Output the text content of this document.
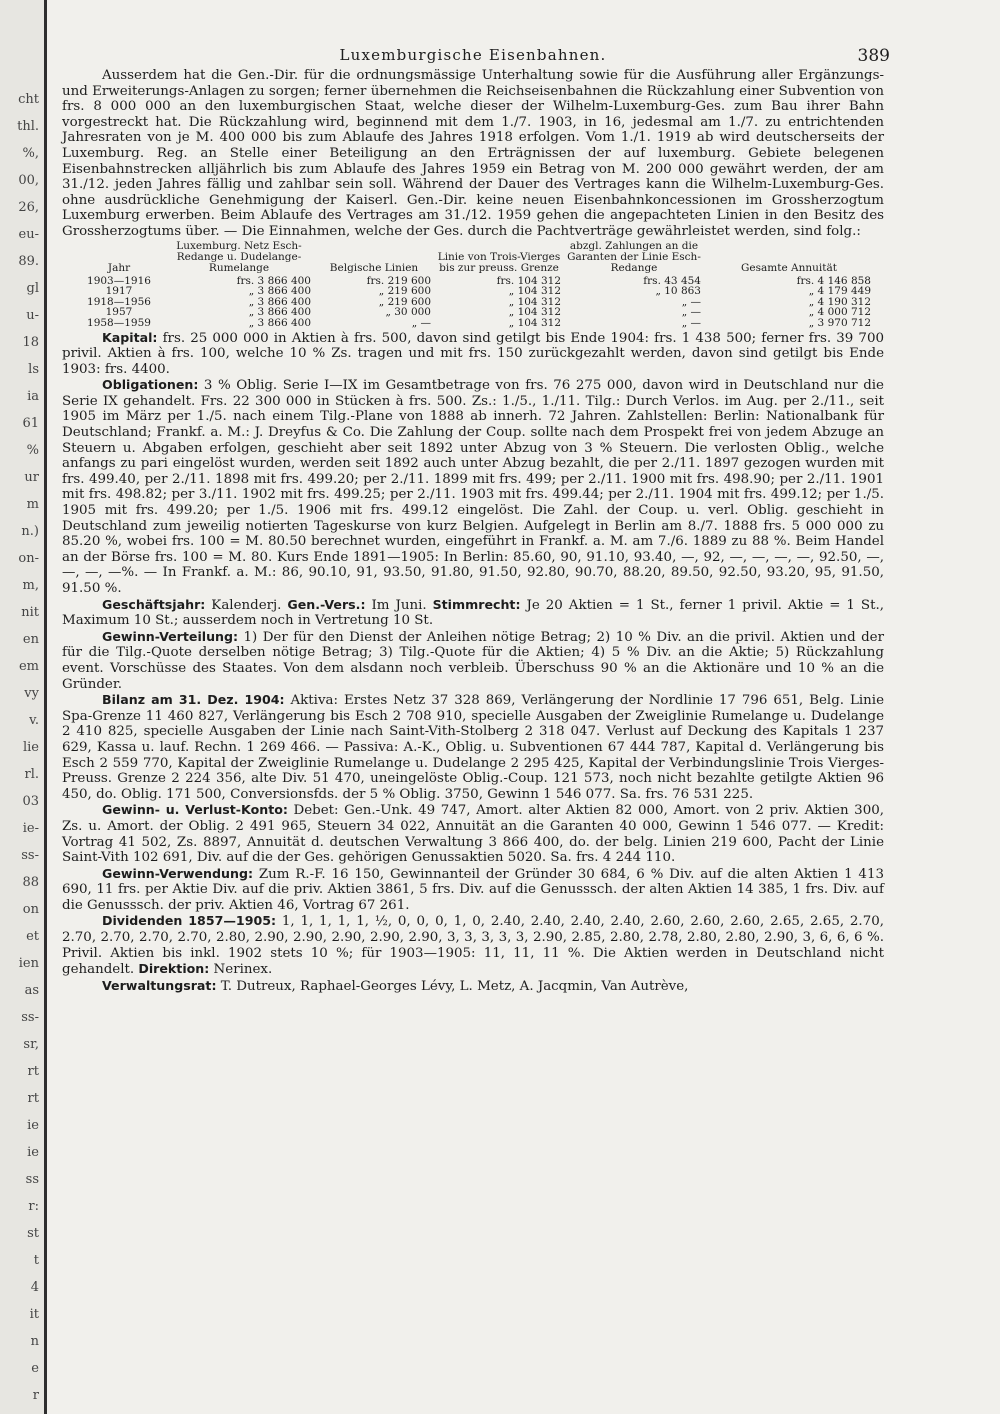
cht
thl.
%,
00,
26,
eu-
89.
gl
u-
18
ls
ia
61
%
ur
m
n.)
on-
m,
nit
en
em
vy
v.
lie
rl.
03
ie-
ss-
88
on
et
ien
as
ss-
sr,
rt
rt
ie
ie
ss
r:
st
t
4
it
n
e
r
Luxemburgische Eisenbahnen.	389

Ausserdem hat die Gen.-Dir. für die ordnungsmässige Unterhaltung sowie für die Ausführung aller Ergänzungs- und Erweiterungs-Anlagen zu sorgen; ferner übernehmen die Reichseisenbahnen die Rückzahlung einer Subvention von frs. 8 000 000 an den luxemburgischen Staat, welche dieser der Wilhelm-Luxemburg-Ges. zum Bau ihrer Bahn vorgestreckt hat. Die Rückzahlung wird, beginnend mit dem 1./7. 1903, in 16, jedesmal am 1./7. zu entrichtenden Jahresraten von je M. 400 000 bis zum Ablaufe des Jahres 1918 erfolgen. Vom 1./1. 1919 ab wird deutscherseits der Luxemburg. Reg. an Stelle einer Beteiligung an den Erträgnissen der auf luxemburg. Gebiete belegenen Eisenbahnstrecken alljährlich bis zum Ablaufe des Jahres 1959 ein Betrag von M. 200 000 gewährt werden, der am 31./12. jeden Jahres fällig und zahlbar sein soll. Während der Dauer des Vertrages kann die Wilhelm-Luxemburg-Ges. ohne ausdrückliche Genehmigung der Kaiserl. Gen.-Dir. keine neuen Eisenbahnkoncessionen im Grossherzogtum Luxemburg erwerben. Beim Ablaufe des Vertrages am 31./12. 1959 gehen die angepachteten Linien in den Besitz des Grossherzogtums über. — Die Einnahmen, welche der Ges. durch die Pachtverträge gewährleistet werden, sind folg.:

Jahr	Luxemburg. Netz Esch-Redange u. Dudelange-Rumelange	Belgische Linien	Linie von Trois-Vierges bis zur preuss. Grenze	abzgl. Zahlungen an die Garanten der Linie Esch-Redange	Gesamte Annuität
1903—1916	frs. 3 866 400	frs. 219 600	frs. 104 312	frs. 43 454	frs. 4 146 858
1917	„ 3 866 400	„ 219 600	„ 104 312	„ 10 863	„ 4 179 449
1918—1956	„ 3 866 400	„ 219 600	„ 104 312	„ —	„ 4 190 312
1957	„ 3 866 400	„ 30 000	„ 104 312	„ —	„ 4 000 712
1958—1959	„ 3 866 400	„ —	„ 104 312	„ —	„ 3 970 712

Kapital: frs. 25 000 000 in Aktien à frs. 500, davon sind getilgt bis Ende 1904: frs. 1 438 500; ferner frs. 39 700 privil. Aktien à frs. 100, welche 10 % Zs. tragen und mit frs. 150 zurückgezahlt werden, davon sind getilgt bis Ende 1903: frs. 4400.

Obligationen: 3 % Oblig. Serie I—IX im Gesamtbetrage von frs. 76 275 000, davon wird in Deutschland nur die Serie IX gehandelt. Frs. 22 300 000 in Stücken à frs. 500. Zs.: 1./5., 1./11. Tilg.: Durch Verlos. im Aug. per 2./11., seit 1905 im März per 1./5. nach einem Tilg.-Plane von 1888 ab innerh. 72 Jahren. Zahlstellen: Berlin: Nationalbank für Deutschland; Frankf. a. M.: J. Dreyfus & Co. Die Zahlung der Coup. sollte nach dem Prospekt frei von jedem Abzuge an Steuern u. Abgaben erfolgen, geschieht aber seit 1892 unter Abzug von 3 % Steuern. Die verlosten Oblig., welche anfangs zu pari eingelöst wurden, werden seit 1892 auch unter Abzug bezahlt, die per 2./11. 1897 gezogen wurden mit frs. 499.40, per 2./11. 1898 mit frs. 499.20; per 2./11. 1899 mit frs. 499; per 2./11. 1900 mit frs. 498.90; per 2./11. 1901 mit frs. 498.82; per 3./11. 1902 mit frs. 499.25; per 2./11. 1903 mit frs. 499.44; per 2./11. 1904 mit frs. 499.12; per 1./5. 1905 mit frs. 499.20; per 1./5. 1906 mit frs. 499.12 eingelöst. Die Zahl. der Coup. u. verl. Oblig. geschieht in Deutschland zum jeweilig notierten Tageskurse von kurz Belgien. Aufgelegt in Berlin am 8./7. 1888 frs. 5 000 000 zu 85.20 %, wobei frs. 100 = M. 80.50 berechnet wurden, eingeführt in Frankf. a. M. am 7./6. 1889 zu 88 %. Beim Handel an der Börse frs. 100 = M. 80. Kurs Ende 1891—1905: In Berlin: 85.60, 90, 91.10, 93.40, —, 92, —, —, —, —, 92.50, —, —, —, —%. — In Frankf. a. M.: 86, 90.10, 91, 93.50, 91.80, 91.50, 92.80, 90.70, 88.20, 89.50, 92.50, 93.20, 95, 91.50, 91.50 %.

Geschäftsjahr: Kalenderj. Gen.-Vers.: Im Juni. Stimmrecht: Je 20 Aktien = 1 St., ferner 1 privil. Aktie = 1 St., Maximum 10 St.; ausserdem noch in Vertretung 10 St.

Gewinn-Verteilung: 1) Der für den Dienst der Anleihen nötige Betrag; 2) 10 % Div. an die privil. Aktien und der für die Tilg.-Quote derselben nötige Betrag; 3) Tilg.-Quote für die Aktien; 4) 5 % Div. an die Aktie; 5) Rückzahlung event. Vorschüsse des Staates. Von dem alsdann noch verbleib. Überschuss 90 % an die Aktionäre und 10 % an die Gründer.

Bilanz am 31. Dez. 1904: Aktiva: Erstes Netz 37 328 869, Verlängerung der Nordlinie 17 796 651, Belg. Linie Spa-Grenze 11 460 827, Verlängerung bis Esch 2 708 910, specielle Ausgaben der Zweiglinie Rumelange u. Dudelange 2 410 825, specielle Ausgaben der Linie nach Saint-Vith-Stolberg 2 318 047. Verlust auf Deckung des Kapitals 1 237 629, Kassa u. lauf. Rechn. 1 269 466. — Passiva: A.-K., Oblig. u. Subventionen 67 444 787, Kapital d. Verlängerung bis Esch 2 559 770, Kapital der Zweiglinie Rumelange u. Dudelange 2 295 425, Kapital der Verbindungslinie Trois Vierges-Preuss. Grenze 2 224 356, alte Div. 51 470, uneingelöste Oblig.-Coup. 121 573, noch nicht bezahlte getilgte Aktien 96 450, do. Oblig. 171 500, Conversionsfds. der 5 % Oblig. 3750, Gewinn 1 546 077. Sa. frs. 76 531 225.

Gewinn- u. Verlust-Konto: Debet: Gen.-Unk. 49 747, Amort. alter Aktien 82 000, Amort. von 2 priv. Aktien 300, Zs. u. Amort. der Oblig. 2 491 965, Steuern 34 022, Annuität an die Garanten 40 000, Gewinn 1 546 077. — Kredit: Vortrag 41 502, Zs. 8897, Annuität d. deutschen Verwaltung 3 866 400, do. der belg. Linien 219 600, Pacht der Linie Saint-Vith 102 691, Div. auf die der Ges. gehörigen Genussaktien 5020. Sa. frs. 4 244 110.

Gewinn-Verwendung: Zum R.-F. 16 150, Gewinnanteil der Gründer 30 684, 6 % Div. auf die alten Aktien 1 413 690, 11 frs. per Aktie Div. auf die priv. Aktien 3861, 5 frs. Div. auf die Genusssch. der alten Aktien 14 385, 1 frs. Div. auf die Genusssch. der priv. Aktien 46, Vortrag 67 261.

Dividenden 1857—1905: 1, 1, 1, 1, 1, ½, 0, 0, 0, 1, 0, 2.40, 2.40, 2.40, 2.40, 2.60, 2.60, 2.60, 2.65, 2.65, 2.70, 2.70, 2.70, 2.70, 2.70, 2.80, 2.90, 2.90, 2.90, 2.90, 2.90, 3, 3, 3, 3, 3, 2.90, 2.85, 2.80, 2.78, 2.80, 2.80, 2.90, 3, 6, 6, 6 %. Privil. Aktien bis inkl. 1902 stets 10 %; für 1903—1905: 11, 11, 11 %. Die Aktien werden in Deutschland nicht gehandelt. Direktion: Nerinex.

Verwaltungsrat: T. Dutreux, Raphael-Georges Lévy, L. Metz, A. Jacqmin, Van Autrève,
